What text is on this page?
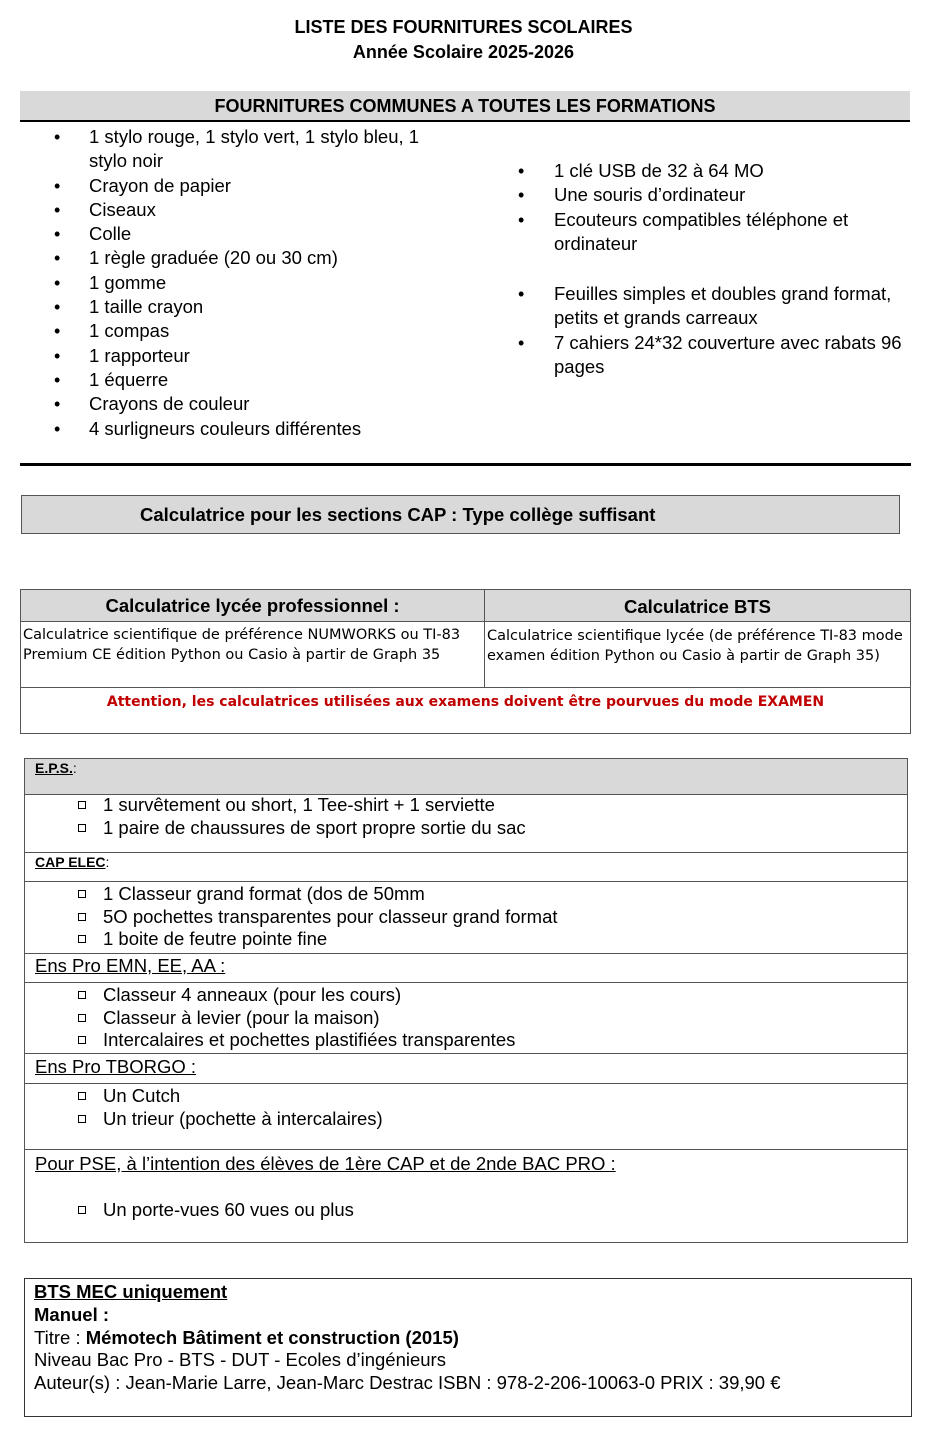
LISTE DES FOURNITURES SCOLAIRES
Année Scolaire 2025-2026
FOURNITURES COMMUNES A TOUTES LES FORMATIONS
• 1 stylo rouge, 1 stylo vert, 1 stylo bleu, 1 stylo noir
• Crayon de papier
• Ciseaux
• Colle
• 1 règle graduée (20 ou 30 cm)
• 1 gomme
• 1 taille crayon
• 1 compas
• 1 rapporteur
• 1 équerre
• Crayons de couleur
• 4 surligneurs couleurs différentes
• 1 clé USB de 32 à 64 MO
• Une souris d’ordinateur
• Ecouteurs compatibles téléphone et ordinateur
• Feuilles simples et doubles grand format, petits et grands carreaux
• 7 cahiers 24*32 couverture avec rabats 96 pages
Calculatrice pour les sections CAP : Type collège suffisant
Calculatrice lycée professionnel :	Calculatrice BTS
Calculatrice scientifique de préférence NUMWORKS ou TI-83 Premium CE édition Python ou Casio à partir de Graph 35
Calculatrice scientifique lycée (de préférence TI-83 mode examen édition Python ou Casio à partir de Graph 35)
Attention, les calculatrices utilisées aux examens doivent être pourvues du mode EXAMEN
E.P.S.:
1 survêtement ou short, 1 Tee-shirt + 1 serviette
1 paire de chaussures de sport propre sortie du sac
CAP ELEC:
1 Classeur grand format (dos de 50mm
5O pochettes transparentes pour classeur grand format
1 boite de feutre pointe fine
Ens Pro EMN, EE, AA :
Classeur 4 anneaux (pour les cours)
Classeur à levier (pour la maison)
Intercalaires et pochettes plastifiées transparentes
Ens Pro TBORGO :
Un Cutch
Un trieur (pochette à intercalaires)
Pour PSE, à l’intention des élèves de 1ère CAP et de 2nde BAC PRO :
Un porte-vues 60 vues ou plus
BTS MEC uniquement
Manuel :
Titre : Mémotech Bâtiment et construction (2015)
Niveau Bac Pro - BTS - DUT - Ecoles d’ingénieurs
Auteur(s) : Jean-Marie Larre, Jean-Marc Destrac ISBN : 978-2-206-10063-0 PRIX : 39,90 €
